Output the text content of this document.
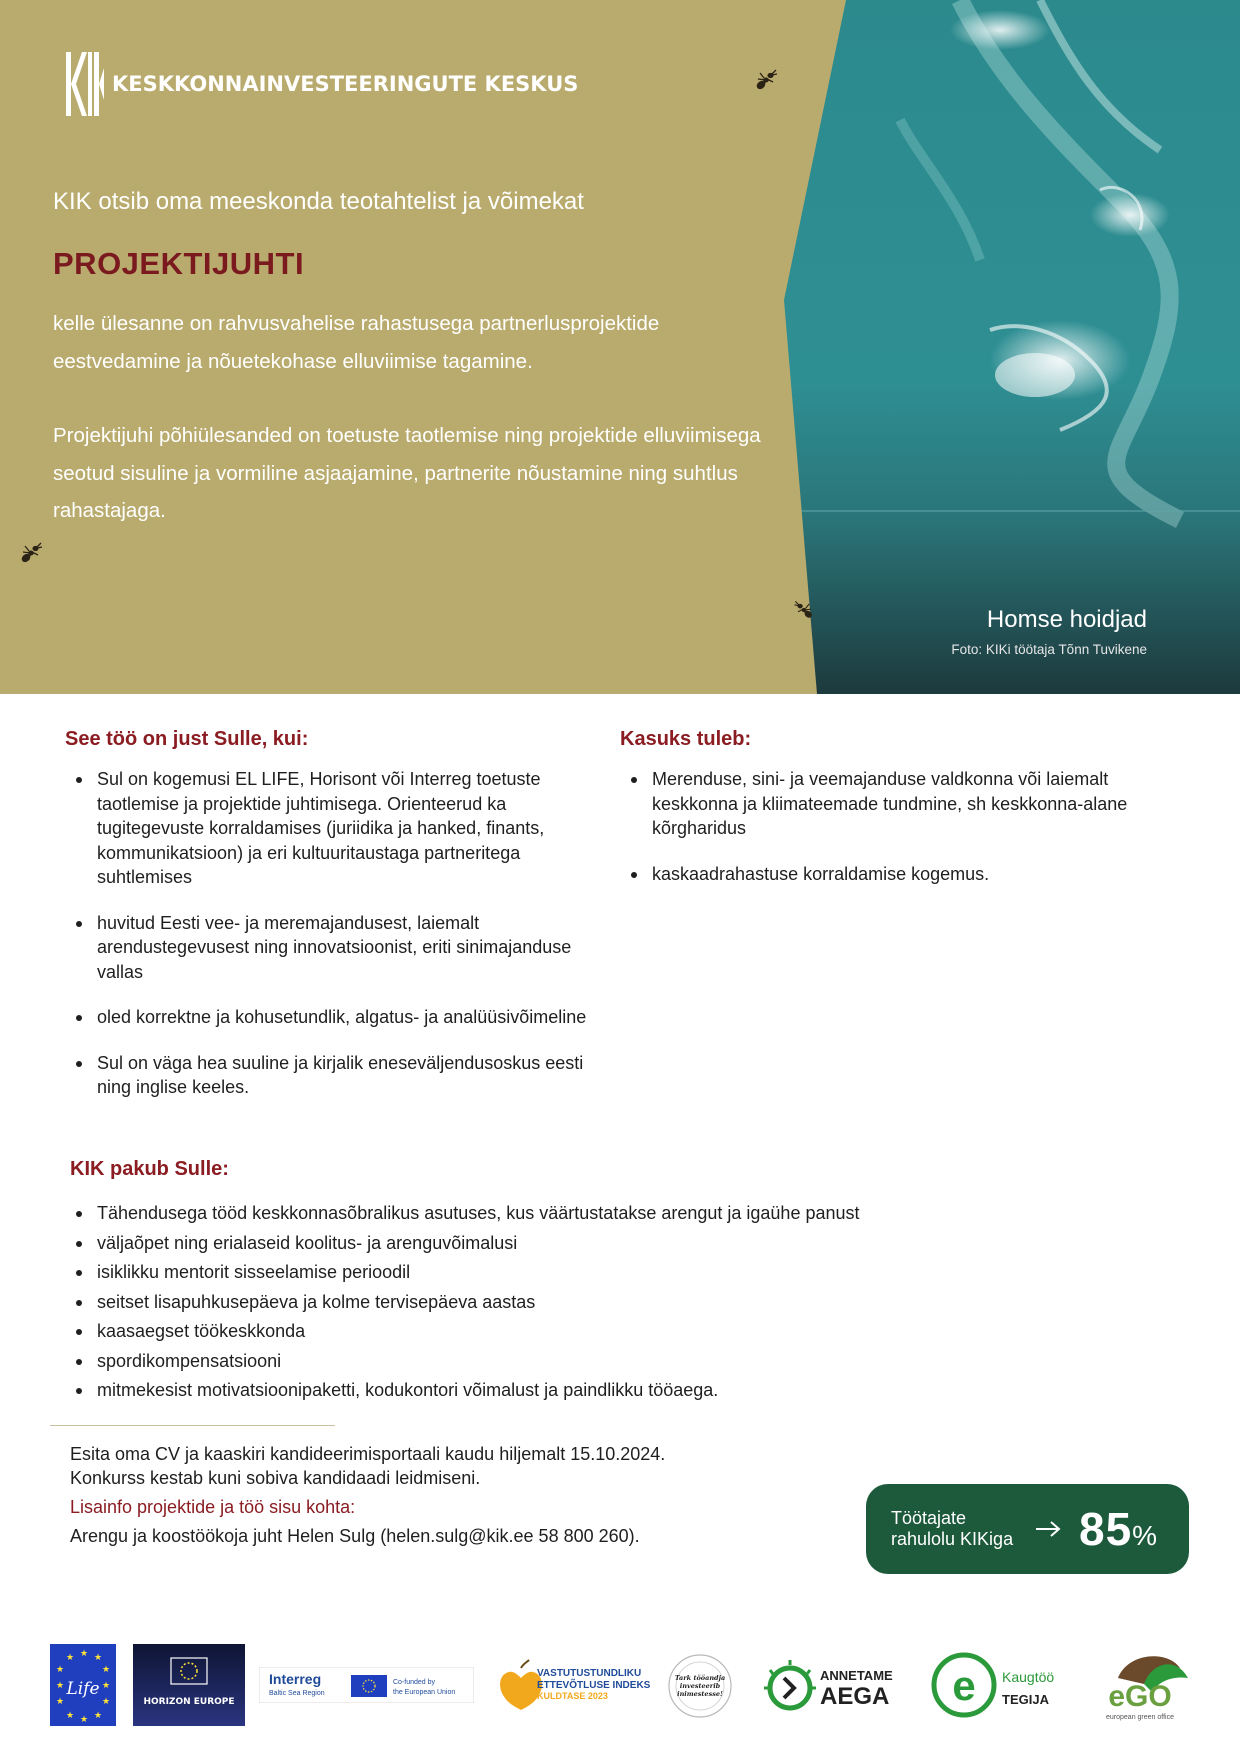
KESKKONNAINVESTEERINGUTE KESKUS
KIK otsib oma meeskonda teotahtelist ja võimekat
PROJEKTIJUHTI
kelle ülesanne on rahvusvahelise rahastusega partnerlusprojektide eestvedamine ja nõuetekohase elluviimise tagamine.
Projektijuhi põhiülesanded on toetuste taotlemise ning projektide elluviimisega seotud sisuline ja vormiline asjaajamine, partnerite nõustamine ning suhtlus rahastajaga.
Homse hoidjad
Foto: KIKi töötaja Tõnn Tuvikene
See töö on just Sulle, kui:
Sul on kogemusi EL LIFE, Horisont või Interreg toetuste taotlemise ja projektide juhtimisega. Orienteerud ka tugitegevuste korraldamises (juriidika ja hanked, finants, kommunikatsioon) ja eri kultuuritaustaga partneritega suhtlemises
huvitud Eesti vee- ja meremajandusest, laiemalt arendustegevusest ning innovatsioonist, eriti sinimajanduse vallas
oled korrektne ja kohusetundlik, algatus- ja analüüsivõimeline
Sul on väga hea suuline ja kirjalik eneseväljendusoskus eesti ning inglise keeles.
Kasuks tuleb:
Merenduse, sini- ja veemajanduse valdkonna või laiemalt keskkonna ja kliimateemade tundmine, sh keskkonna-alane kõrgharidus
kaskaadrahastuse korraldamise kogemus.
KIK pakub Sulle:
Tähendusega tööd keskkonnasõbralikus asutuses, kus väärtustatakse arengut ja igaühe panust
väljaõpet ning erialaseid koolitus- ja arenguvõimalusi
isiklikku mentorit sisseelamise perioodil
seitset lisapuhkusepäeva ja kolme tervisepäeva aastas
kaasaegset töökeskkonda
spordikompensatsiooni
mitmekesist motivatsioonipaketti, kodukontori võimalust ja paindlikku tööaega.
Esita oma CV ja kaaskiri kandideerimisportaali kaudu hiljemalt 15.10.2024.
Konkurss kestab kuni sobiva kandidaadi leidmiseni.
Lisainfo projektide ja töö sisu kohta:
Arengu ja koostöökoja juht Helen Sulg (helen.sulg@kik.ee 58 800 260).
Töötajate rahulolu KIKiga	85%
★ ★
★
★
★
★
★
★
★
★
★
★
Life
HORIZON EUROPE
Interreg
Baltic Sea Region
Co-funded by
the European Union
VASTUTUSTUNDLIKU
ETTEVÕTLUSE INDEKS
KULDTASE 2023
Tark tööandja
investeerib
inimestesse!
ANNETAME
AEGA e Kaugtöö
TEGIJA eGO
european green office
